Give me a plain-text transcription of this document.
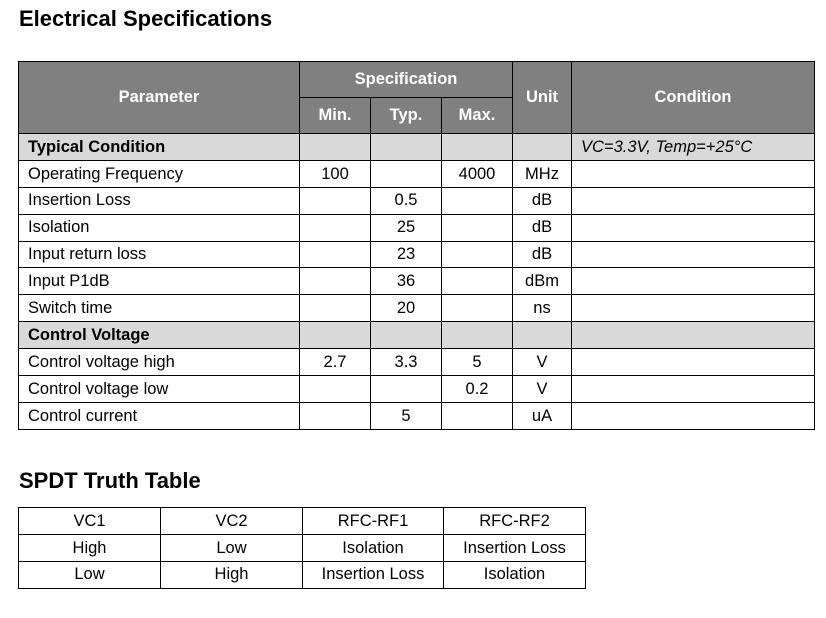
Electrical Specifications
Parameter	Specification			Unit	Condition
	Min.	Typ.	Max.		
Typical Condition					VC=3.3V, Temp=+25°C
Operating Frequency	100		4000	MHz	
Insertion Loss		0.5		dB	
Isolation		25		dB	
Input return loss		23		dB	
Input P1dB		36		dBm	
Switch time		20		ns	
Control Voltage					
Control voltage high	2.7	3.3	5	V	
Control voltage low			0.2	V	
Control current		5		uA	
SPDT Truth Table
VC1	VC2	RFC-RF1	RFC-RF2
High	Low	Isolation	Insertion Loss
Low	High	Insertion Loss	Isolation
